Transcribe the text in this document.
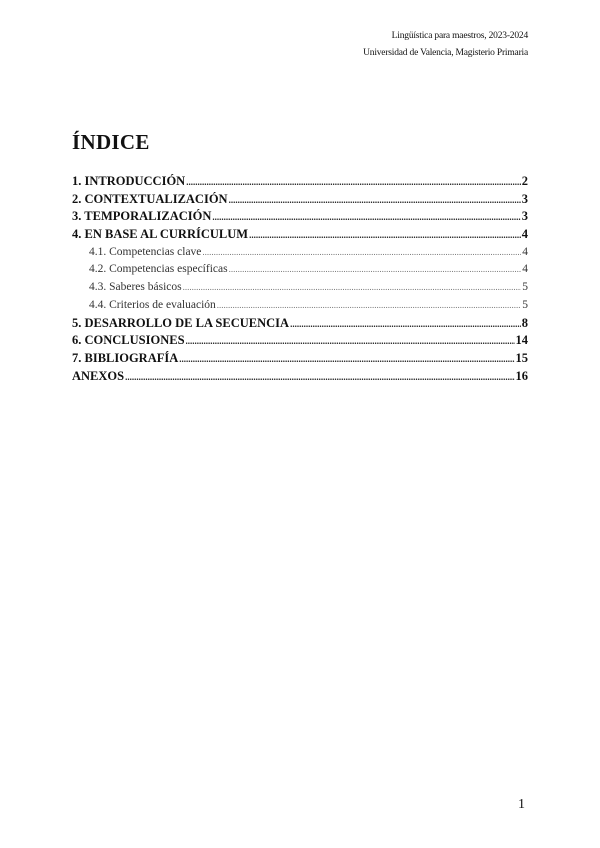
Lingüística para maestros, 2023-2024
Universidad de Valencia, Magisterio Primaria
ÍNDICE
1. INTRODUCCIÓN .....	2
2. CONTEXTUALIZACIÓN .....	3
3. TEMPORALIZACIÓN .....	3
4. EN BASE AL CURRÍCULUM .....	4
4.1. Competencias clave .....	4
4.2. Competencias específicas .....	4
4.3. Saberes básicos .....	5
4.4. Criterios de evaluación .....	5
5. DESARROLLO DE LA SECUENCIA .....	8
6. CONCLUSIONES .....	14
7. BIBLIOGRAFÍA .....	15
ANEXOS .....	16
1
